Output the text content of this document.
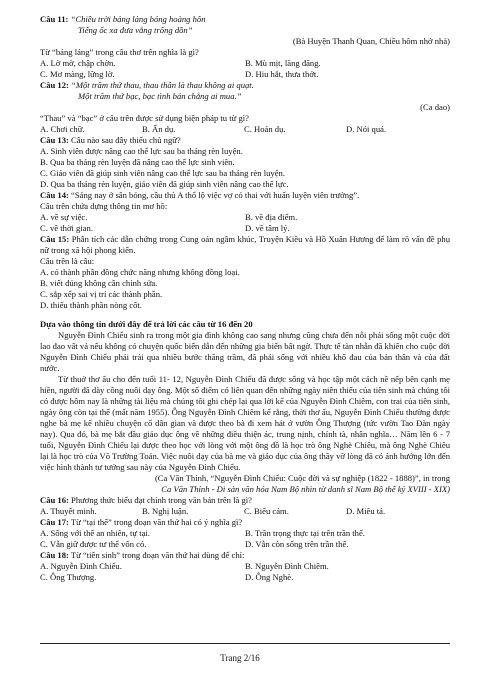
Câu 11: “Chiều trời bảng lảng bóng hoàng hôn
Tiếng ốc xa đưa vẳng trống dồn”
(Bà Huyện Thanh Quan, Chiều hôm nhớ nhà)
Từ “bảng lảng” trong câu thơ trên nghĩa là gì?
A. Lờ mờ, chập chờn.	B. Mù mịt, lãng đãng.
C. Mơ màng, lững lờ.	D. Hiu hắt, thưa thớt.
Câu 12: “Một trăm thứ thau, thau thân là thau không ai quạt.
Một trăm thứ bạc, bạc tình bán chẳng ai mua.”
(Ca dao)
“Thau” và “bạc” ở câu trên được sử dụng biện pháp tu từ gì?
A. Chơi chữ.	B. Ẩn dụ.	C. Hoán dụ.	D. Nói quá.
Câu 13: Câu nào sau đây thiếu chủ ngữ?
A. Sinh viên được nâng cao thể lực sau ba tháng rèn luyện.
B. Qua ba tháng rèn luyện đã nâng cao thể lực sinh viên.
C. Giáo viên đã giúp sinh viên nâng cao thể lực sau ba tháng rèn luyện.
D. Qua ba tháng rèn luyện, giáo viên đã giúp sinh viên nâng cao thể lực.
Câu 14: “Sáng nay ở sân bóng, cầu thủ A thổ lộ việc vợ có thai với huấn luyện viên trưởng”.
Câu trên chứa dựng thông tin mơ hồ:
A. về sự việc.	B. về địa điểm.
C. về thời gian.	D. về tâm lý.
Câu 15: Phân tích các dẫn chứng trong Cung oán ngâm khúc, Truyện Kiều và Hồ Xuân Hương để làm rõ vấn đề phụ nữ trong xã hội phong kiến.
Câu trên là câu:
A. có thành phần đồng chức năng nhưng không đồng loại.
B. viết đúng không cần chỉnh sửa.
C. sắp xếp sai vị trí các thành phần.
D. thiếu thành phần nòng cốt.
Dựa vào thông tin dưới đây để trả lời các câu từ 16 đến 20
Nguyễn Đình Chiểu sinh ra trong một gia đình không cao sang nhưng cũng chưa đến nỗi phải sống một cuộc đời lao đao vất vả nếu không có chuyện quốc biến dẫn đến những gia biến bất ngờ. Thực tế tàn nhẫn đã khiến cho cuộc đời Nguyễn Đình Chiểu phải trải qua nhiều bước thăng trầm, đã phải sống với nhiều khổ đau của bản thân và của đất nước.
Từ thuở thơ ấu cho đến tuổi 11- 12, Nguyễn Đình Chiểu đã được sống và học tập một cách nề nếp bên cạnh mẹ hiền, người đã dày công nuôi dạy ông. Một số điểm có liên quan đến những ngày niên thiếu của tiên sinh mà chúng tôi có được hôm nay là những tài liệu mà chúng tôi ghi chép lại qua lời kể của Nguyễn Đình Chiêm, con trai của tiên sinh, ngày ông còn tại thế (mất năm 1955). Ông Nguyễn Đình Chiêm kể rằng, thời thơ ấu, Nguyễn Đình Chiểu thường được nghe bà mẹ kể nhiều chuyện cổ dân gian và được theo bà đi xem hát ở vườn Ông Thượng (tức vườn Tao Đàn ngày nay). Qua đó, bà mẹ bắt đầu giáo dục ông về những điều thiện ác, trung nịnh, chính tà, nhân nghĩa… Năm lên 6 - 7 tuổi, Nguyễn Đình Chiểu lại được theo học với lòng với một ông đồ là học trò ông Nghè Chiêu, mà ông Nghè Chiêu lại là học trò của Võ Trường Toản. Việc nuôi dạy của bà mẹ và giáo dục của ông thầy vỡ lòng đã có ảnh hưởng lớn đến việc hình thành tư tưởng sau này của Nguyễn Đình Chiểu.
(Ca Văn Thỉnh, “Nguyễn Đình Chiểu: Cuộc đời và sự nghiệp (1822 - 1888)”, in trong
Ca Văn Thỉnh - Di sản văn hóa Nam Bộ nhìn từ danh sĩ Nam Bộ thế kỷ XVIII - XIX)
Câu 16: Phương thức biểu đạt chính trong văn bản trên là gì?
A. Thuyết minh.	B. Nghị luận.	C. Biểu cảm.	D. Miêu tả.
Câu 17: Từ “tại thế” trong đoạn văn thứ hai có ý nghĩa gì?
A. Sống với thế an nhiên, tự tại.	B. Trần trọng thực tại trên trần thế.
C. Vẫn giữ được tư thế vốn có.	D. Vẫn còn sống trên trần thế.
Câu 18: Từ “tiên sinh” trong đoạn văn thứ hai dùng để chỉ:
A. Nguyễn Đình Chiểu.	B. Nguyễn Đình Chiêm.
C. Ông Thượng.	D. Ông Nghè.
Trang 2/16
